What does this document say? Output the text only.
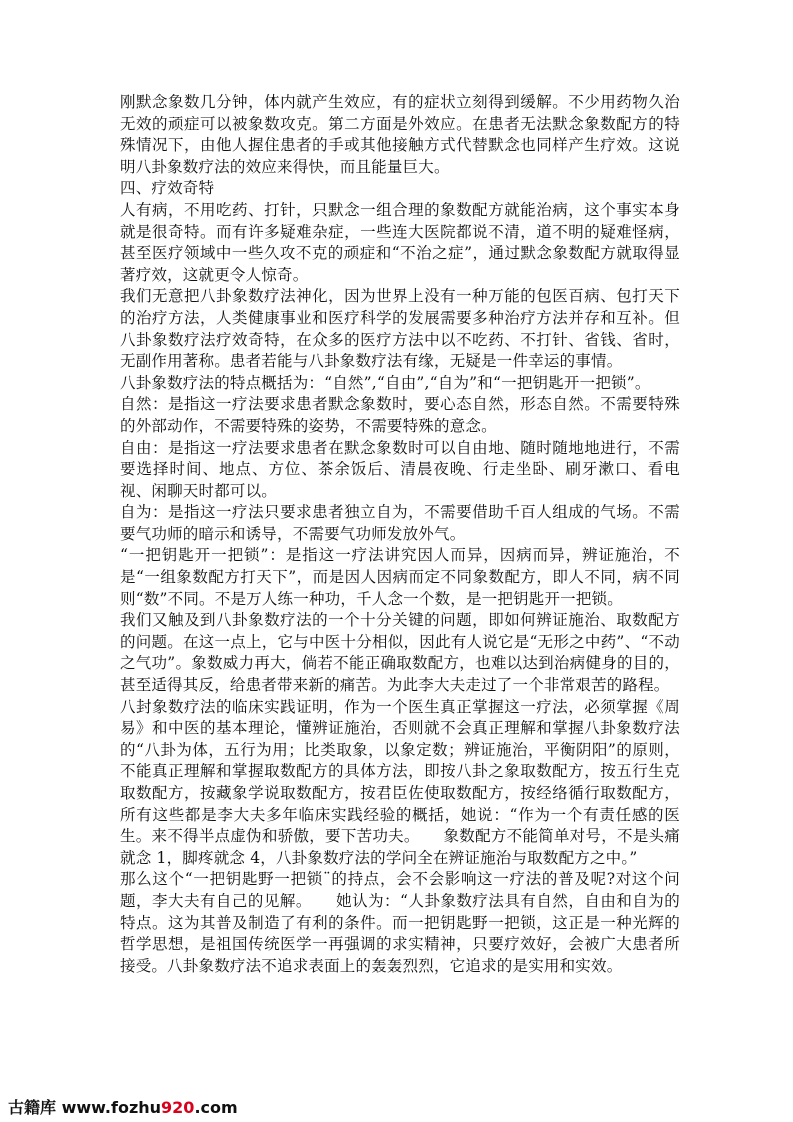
刚默念象数几分钟，体内就产生效应，有的症状立刻得到缓解。不少用药物久治无效的顽症可以被象数攻克。第二方面是外效应。在患者无法默念象数配方的特殊情况下，由他人握住患者的手或其他接触方式代替默念也同样产生疗效。这说明八卦象数疗法的效应来得快，而且能量巨大。

四、疗效奇特

人有病，不用吃药、打针，只默念一组合理的象数配方就能治病，这个事实本身就是很奇特。而有许多疑难杂症，一些连大医院都说不清，道不明的疑难怪病，甚至医疗领域中一些久攻不克的顽症和“不治之症”，通过默念象数配方就取得显著疗效，这就更令人惊奇。

我们无意把八卦象数疗法神化，因为世界上没有一种万能的包医百病、包打天下的治疗方法，人类健康事业和医疗科学的发展需要多种治疗方法并存和互补。但八卦象数疗法疗效奇特，在众多的医疗方法中以不吃药、不打针、省钱、省时，无副作用著称。患者若能与八卦象数疗法有缘，无疑是一件幸运的事情。

八卦象数疗法的特点概括为：“自然”,“自由”,“自为”和“一把钥匙开一把锁”。

自然：是指这一疗法要求患者默念象数时，要心态自然，形态自然。不需要特殊的外部动作，不需要特殊的姿势，不需要特殊的意念。

自由：是指这一疗法要求患者在默念象数时可以自由地、随时随地地进行，不需要选择时间、地点、方位、茶余饭后、清晨夜晚、行走坐卧、刷牙漱口、看电视、闲聊天时都可以。

自为：是指这一疗法只要求患者独立自为，不需要借助千百人组成的气场。不需要气功师的暗示和诱导，不需要气功师发放外气。

“一把钥匙开一把锁”：是指这一疗法讲究因人而异，因病而异，辨证施治，不是“一组象数配方打天下”，而是因人因病而定不同象数配方，即人不同，病不同则“数”不同。不是万人练一种功，千人念一个数，是一把钥匙开一把锁。

我们又触及到八卦象数疗法的一个十分关键的问题，即如何辨证施治、取数配方的问题。在这一点上，它与中医十分相似，因此有人说它是“无形之中药”、“不动之气功”。象数威力再大，倘若不能正确取数配方，也难以达到治病健身的目的，甚至适得其反，给患者带来新的痛苦。为此李大夫走过了一个非常艰苦的路程。

八封象数疗法的临床实践证明，作为一个医生真正掌握这一疗法，必须掌握《周易》和中医的基本理论，懂辨证施治，否则就不会真正理解和掌握八卦象数疗法的“八卦为体，五行为用；比类取象，以象定数；辨证施治，平衡阴阳”的原则，不能真正理解和掌握取数配方的具体方法，即按八卦之象取数配方，按五行生克取数配方，按藏象学说取数配方，按君臣佐使取数配方，按经络循行取数配方，所有这些都是李大夫多年临床实践经验的概括，她说：“作为一个有责任感的医生。来不得半点虚伪和骄傲，要下苦功夫。　　象数配方不能简单对号，不是头痛就念 1，脚疼就念 4，八卦象数疗法的学问全在辨证施治与取数配方之中。”

那么这个“一把钥匙野一把锁¨的持点，会不会影响这一疗法的普及呢?对这个问题，李大夫有自己的见解。　　她认为：“人卦象数疗法具有自然，自由和自为的特点。这为其普及制造了有利的条件。而一把钥匙野一把锁，这正是一种光辉的哲学思想，是祖国传统医学一再强调的求实精神，只要疗效好，会被广大患者所接受。八卦象数疗法不追求表面上的轰轰烈烈，它追求的是实用和实效。

古籍库 www.fozhu920.com
